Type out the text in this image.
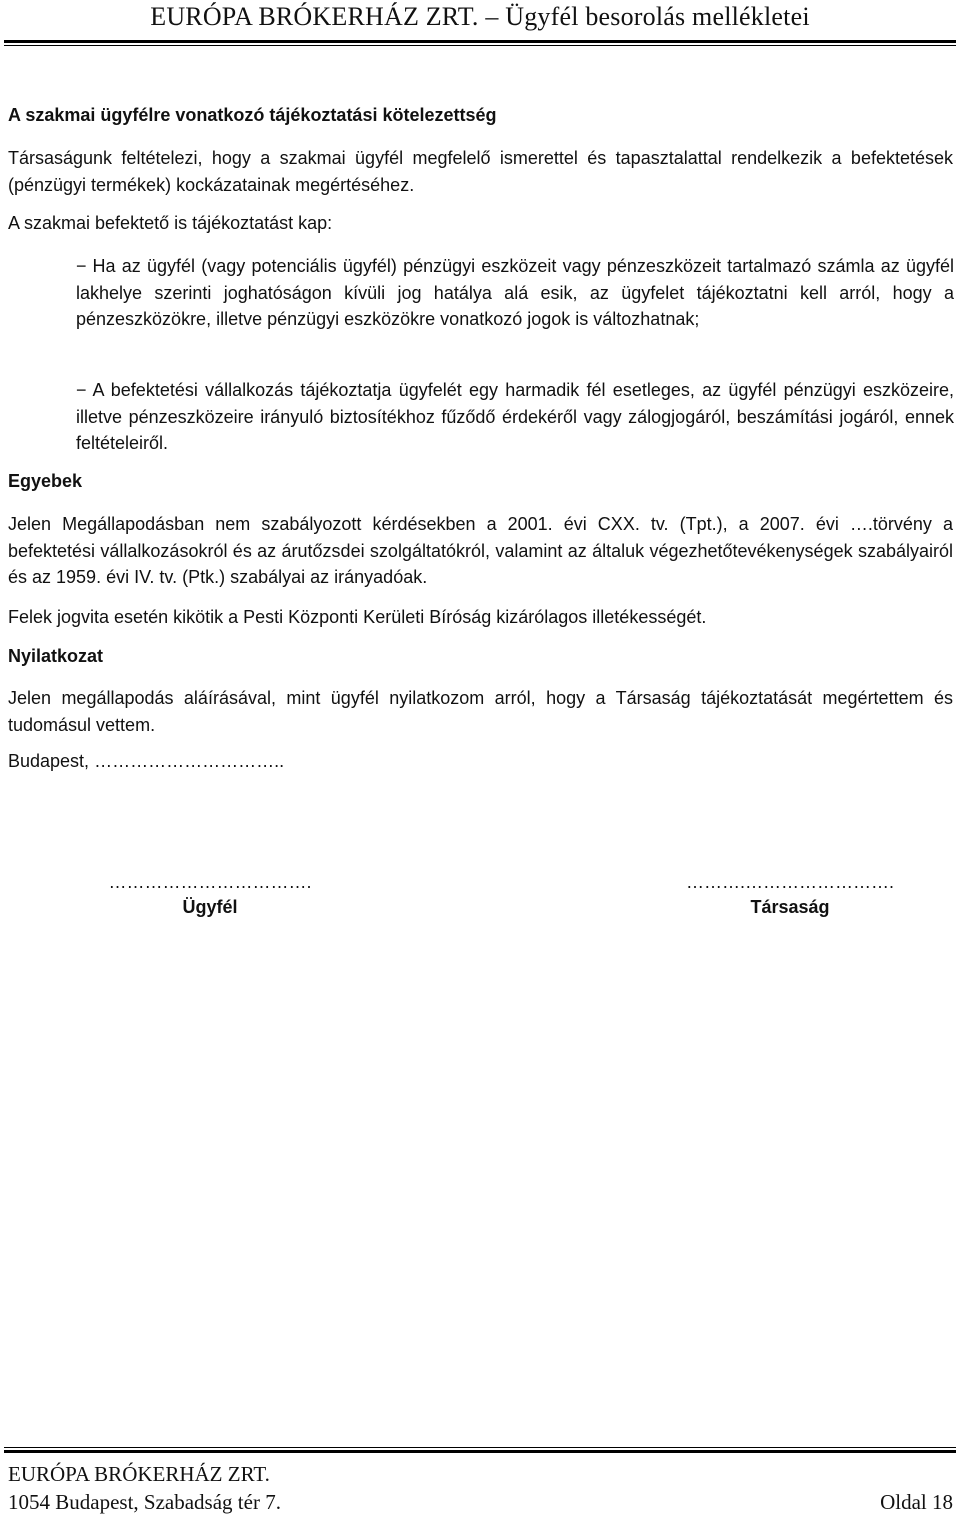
EURÓPA BRÓKERHÁZ ZRT. – Ügyfél besorolás mellékletei
A szakmai ügyfélre vonatkozó tájékoztatási kötelezettség
Társaságunk feltételezi, hogy a szakmai ügyfél megfelelő ismerettel és tapasztalattal rendelkezik a befektetések (pénzügyi termékek) kockázatainak megértéséhez.
A szakmai befektető is tájékoztatást kap:
− Ha az ügyfél (vagy potenciális ügyfél) pénzügyi eszközeit vagy pénzeszközeit tartalmazó számla az ügyfél lakhelye szerinti joghatóságon kívüli jog hatálya alá esik, az ügyfelet tájékoztatni kell arról, hogy a pénzeszközökre, illetve pénzügyi eszközökre vonatkozó jogok is változhatnak;
− A befektetési vállalkozás tájékoztatja ügyfelét egy harmadik fél esetleges, az ügyfél pénzügyi eszközeire, illetve pénzeszközeire irányuló biztosítékhoz fűződő érdekéről vagy zálogjogáról, beszámítási jogáról, ennek feltételeiről.
Egyebek
Jelen Megállapodásban nem szabályozott kérdésekben a 2001. évi CXX. tv. (Tpt.), a 2007. évi ….törvény a befektetési vállalkozásokról és az árutőzsdei szolgáltatókról, valamint az általuk végezhetőtevékenységek szabályairól és az 1959. évi IV. tv. (Ptk.) szabályai az irányadóak.
Felek jogvita esetén kikötik a Pesti Központi Kerületi Bíróság kizárólagos illetékességét.
Nyilatkozat
Jelen megállapodás aláírásával, mint ügyfél nyilatkozom arról, hogy a Társaság tájékoztatását megértettem és tudomásul vettem.
Budapest, …………………………..
…………………………….
Ügyfél
……….…………………….
Társaság
EURÓPA BRÓKERHÁZ ZRT.
1054 Budapest, Szabadság tér 7.	Oldal 18
